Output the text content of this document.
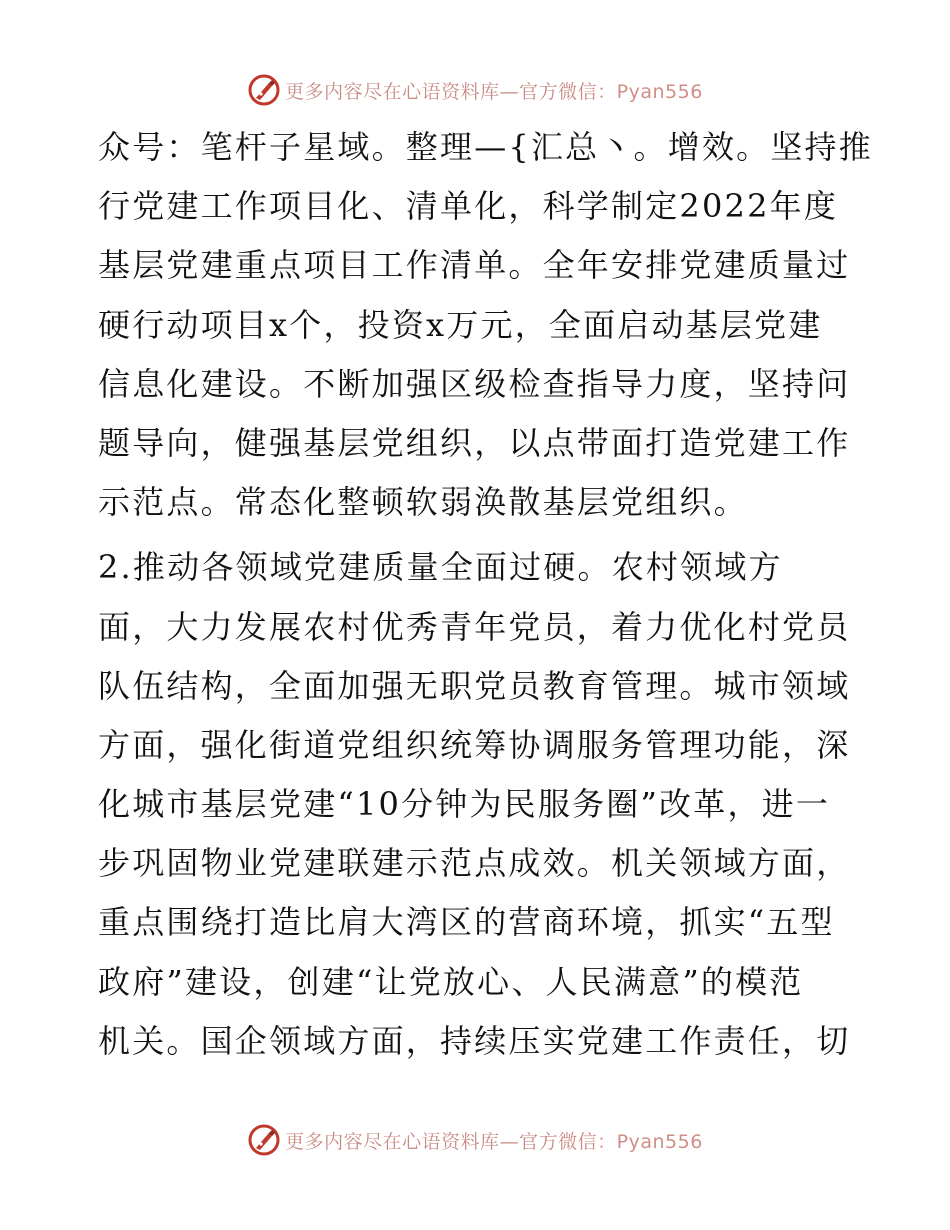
更多内容尽在心语资料库—官方微信：Pyan556
众号：笔杆子星域。整理—{汇总丶。增效。坚持推
行党建工作项目化、清单化，科学制定2022年度
基层党建重点项目工作清单。全年安排党建质量过
硬行动项目x个，投资x万元，全面启动基层党建
信息化建设。不断加强区级检查指导力度，坚持问
题导向，健强基层党组织，以点带面打造党建工作
示范点。常态化整顿软弱涣散基层党组织。
2.推动各领域党建质量全面过硬。农村领域方
面，大力发展农村优秀青年党员，着力优化村党员
队伍结构，全面加强无职党员教育管理。城市领域
方面，强化街道党组织统筹协调服务管理功能，深
化城市基层党建“10分钟为民服务圈”改革，进一
步巩固物业党建联建示范点成效。机关领域方面，
重点围绕打造比肩大湾区的营商环境，抓实“五型
政府”建设，创建“让党放心、人民满意”的模范
机关。国企领域方面，持续压实党建工作责任，切
更多内容尽在心语资料库—官方微信：Pyan556
